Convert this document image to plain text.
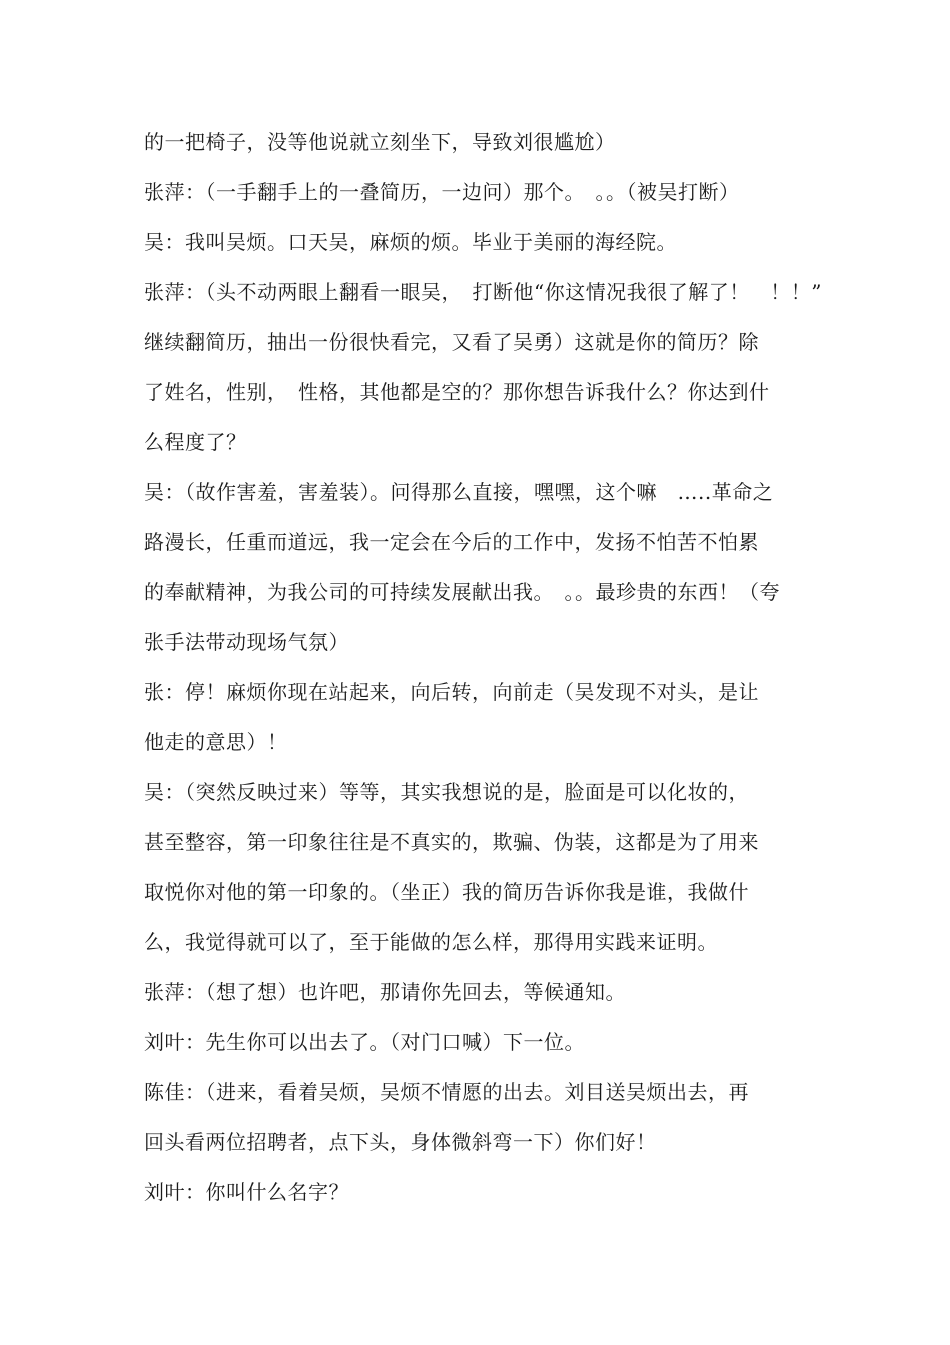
的一把椅子，没等他说就立刻坐下，导致刘很尴尬）
张萍：（一手翻手上的一叠简历，一边问）那个。　。。（被吴打断）
吴：我叫吴烦。口天吴，麻烦的烦。毕业于美丽的海经院。
张萍：（头不动两眼上翻看一眼吴，　打断他“你这情况我很了解了！　！！”
继续翻简历，抽出一份很快看完，又看了吴勇）这就是你的简历？除
了姓名，性别，　性格，其他都是空的？那你想告诉我什么？你达到什
么程度了？
吴：（故作害羞，害羞装）。问得那么直接，嘿嘿，这个嘛　…..革命之
路漫长，任重而道远，我一定会在今后的工作中，发扬不怕苦不怕累
的奉献精神，为我公司的可持续发展献出我。　。。最珍贵的东西！（夸
张手法带动现场气氛）
张：停！麻烦你现在站起来，向后转，向前走（吴发现不对头，是让
他走的意思）！
吴：（突然反映过来）等等，其实我想说的是，脸面是可以化妆的，
甚至整容，第一印象往往是不真实的，欺骗、伪装，这都是为了用来
取悦你对他的第一印象的。（坐正）我的简历告诉你我是谁，我做什
么，我觉得就可以了，至于能做的怎么样，那得用实践来证明。
张萍：（想了想）也许吧，那请你先回去，等候通知。
刘叶：先生你可以出去了。（对门口喊）下一位。
陈佳：（进来，看着吴烦，吴烦不情愿的出去。刘目送吴烦出去，再
回头看两位招聘者，点下头，身体微斜弯一下）你们好！
刘叶：你叫什么名字？
